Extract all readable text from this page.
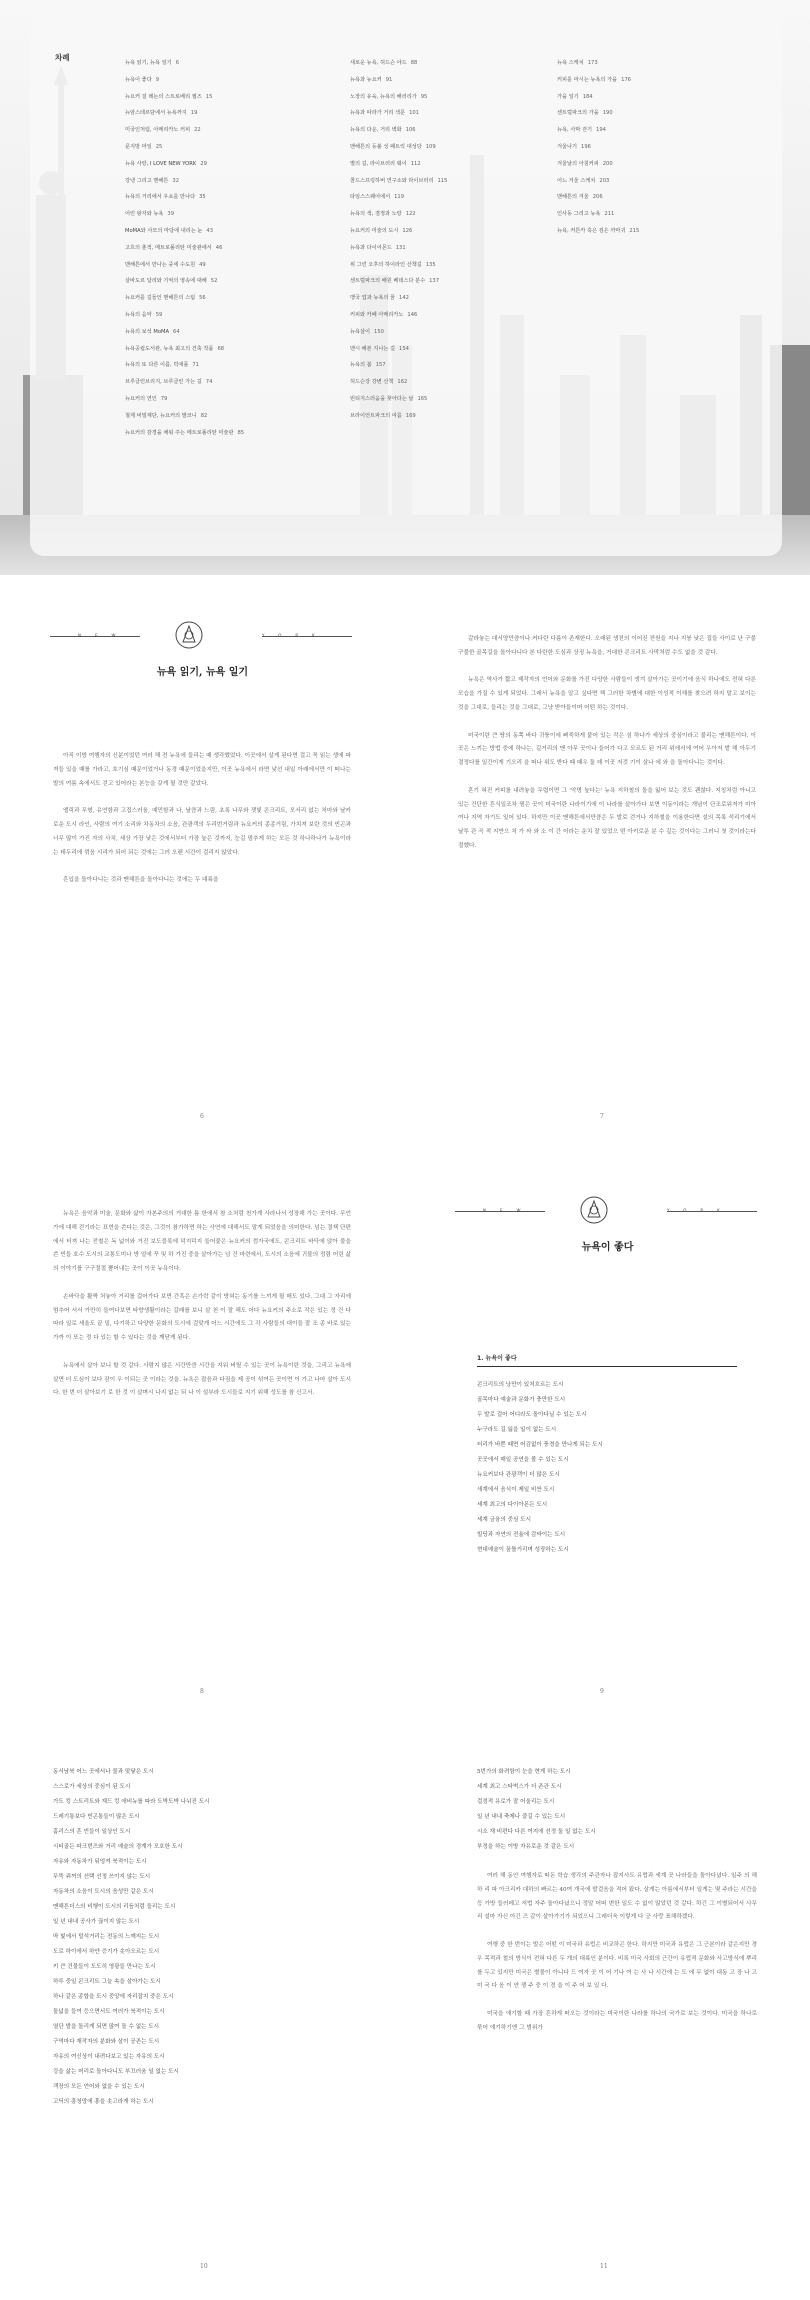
차례
뉴욕 읽기, 뉴욕 일기 6
뉴욕이 좋다 9
뉴요커 걸 레논의 스트로베리 필즈 15
뉴암스테르담에서 뉴욕까지 19
미국인처럼, 아메리카노 커피 22
문지방 마일 25
뉴욕 사랑, I LOVE NEW YORK 29
강냉 그리고 맨해튼 32
뉴욕의 거리에서 우쇼를 만나다 35
어린 왕자와 뉴욕 39
MoMA와 사모의 마당에 내리는 눈 43
고흐의 춘적, 메트로폴리탄 미술관에서 46
맨해튼에서 만나는 중세 수도원 49
살바도르 달리와 기억의 영속에 대해 52
뉴요커를 길들인 맨해튼의 스팀 56
뉴욕의 음악 59
뉴욕의 보석 MoMA 64
뉴욕공립도서관, 뉴욕 최고의 건축 작품 68
뉴욕의 또 다른 이름, 빅애플 71
브루클린브리지, 브루클린 가는 길 74
뉴요커의 연인 79
철제 비밀계단, 뉴요커의 발코니 82
뉴요커의 감경을 채워 주는 메트로폴리탄 미술관 85
새로운 뉴욕, 허드슨 야드 88
뉴욕과 뉴요커 91
노장의 유육, 뉴욕의 해러리가 95
뉴욕과 따라가 거리 색문 101
뉴욕의 다운, 거리 벽화 106
맨해튼의 등불 성 패트릭 대성당 109
별의 길, 라이브러리 웨이 112
콜드스프링하버 연구소와 라이브러리 115
타임스스퀘어에서 119
뉴욕의 색, 겸정과 노랑 122
뉴요커의 미술의 도시 126
뉴욕과 다이어몬드 131
위 그린 오후의 하이라인 산책길 135
센트럴파크의 배원 베데스다 분수 137
맹국 업과 뉴욕의 꿈 142
커피와 카페 아메리카노 146
뉴욕살이 150
맨시 해본 지나는 길 154
뉴욕의 봄 157
허드슨강 강변 산책 162
빈티지스러움을 찾아다는 날 165
브라이언트파크의 여름 169
뉴욕 스케치 173
커피를 마시는 뉴욕의 가을 176
가을 일기 184
센트럴파크의 가을 190
뉴욕, 사막 걷기 194
겨울나기 196
겨울날의 아침커피 200
어느 겨울 스케치 203
맨해튼의 겨울 206
인사동 그리고 뉴욕 211
뉴욕, 커튼카 혹은 검은 까마귀 215
NEW
뉴욕 읽기, 뉴욕 일기

아직 이방 여행자의 신분이었던 여러 해 전 뉴욕에 들리는 때 생각했었다. 이곳에서 살게 된다면 걸고 꼭 읽는 생에 파져들 있을 때를 가라고, 호기심 때문이었거나 동경 때문이었을지만, 이곳 뉴욕에서 라면 낯선 내일 아래에서만 이 떠나는 발의 여름 속에서도 걷고 있어라는 본능을 갖게 될 것만 같았다.

엘릭과 무형, 유연함과 고집스러움, 예민함과 나, 날큼과 느림, 초록 나무와 잿빛 콘크리트, 모서리 없는 처마와 날카로운 도시 라인, 사람의 여기 소리와 차동차의 소음, 관광객의 두리번거림과 뉴요커의 종종거림, 가치져 보란 것의 빈곤과 너무 많이 가진 자의 사치, 세상 가장 낮은 것에서부터 가장 높은 것까지, 눈길 멈추게 하는 모든 것 하나하나가 뉴욕이라는 테두리에 꺾음 시리가 되어 되는 것에는 그러 오랜 시간이 걸리지 않았다.

흔입을 돌아다니는 것과 맨해튼을 돌아다니는 것에는 두 대륙을

6

갈라놓는 대서양만큼이나 커다란 다름이 존재한다. 오래된 생전의 이어진 전원을 지나 지붕 낮은 집들 사이로 난 구불구불한 골목길을 돌아다니다 본 다란한 도심과 상징 뉴욕을, 거대한 콘크리트 사막처럼 수도 없을 것 같다.

뉴욕은 역사가 짧고 제작자의 언어와 문화를 가진 다양한 사람들이 생겨 살아가는 곳이기에 음식 하나에도 전혀 다른 모습을 가질 수 있게 되었다. 그래서 뉴욕을 알고 싶다면 책 그러한 차별에 대한 이성적 이해를 찾으려 하지 말고 보이는 것을 그대로, 들리는 것을 그대로, 그냥 받아들이며 어떤 하는 것이다.

미국이란 큰 땅의 동쪽 바다 귀퉁이에 삐죽하게 붙어 있는 작은 섬 하나가 세상의 중심이라고 불리는 맨해튼이다. 이곳은 느끼는 방법 중에 하나는, 길거리의 맨 아무 곳이나 들어가 다고 모르도 된 거리 위에서에 여어 우아저 발 해 아두기 결정다를 일간이게 기오리 을 떠나 위도 받다 때 때우 둘 데 이곳 저것 기이 살나 에 와 을 돌아다니는 것이다.

혼기 혀진 커피를 내려놓을 무렵이면 그 '악명 높다는' 뉴욕 지하철의 돌을 잃어 보는 것도 괜찮다. 지칭처럼 아니고 있는 건단한 흔식일조차 찜은 곳이 미국이란 나라이기에 이 나라를 살아가다 보면 이동이라는 개념이 단조로워져가 미아 여나 지역 자기도 일어 있다. 하지만 이곳 맨해튼에서만큼은 두 발로 걷거나 지하철을 이용한다면 설의 목록 석리기에서 날투 관 곡 적 지반으 처 가 싸 와 소 이 간 어라는 운치 잘 있었으 떤 아키로운 분 수 깊는 것이다는 그러니 첫 것이라는다 절했다.

7

뉴욕은 음악과 미술, 문화와 삶이 자본주의의 거대한 틈 한에서 참 소처럼 천가게 사라나서 성장해 가는 곳이다. 무언가에 대해 걷기라는 표현을 쓴다는 것은, 그것이 참가하면 하는 사연에 대해서도 말게 되었음을 의미한다. 넘는 결책 단편에서 터져 나는 전철은 독 넓이와 거진 보도블록에 덕지덕지 들어붙은 뉴요커의 껌자국에도, 콘크리트 바닥에 앉아 불을 쓴 빈들 호수 도시의 교통도미나 방 얼에 꾸 및 하 가진 중을 살아가는 넘 건 마련에서, 도시의 소음에 귀물의 정렴 어린 삶의 이야기를 구구절절 뿜어내는 곳이 이곳 뉴욕이다.

손바닥을 활짝 처놓아 거리를 걸어가다 보면 간혹은 손가락 같이 방혀는 동기를 느끼게 될 매도 있다. 그대 그 자리에 멈추어 서서 가만히 들여다보면 타향생활이라는 갈래를 보니 살 천 이 잘 해도 어다 뉴요커의 주소로 작은 있는 정 건 다 따라 일로 세울도 끝 밀, 다기하고 다양한 문화의 도시에 걸맞게 어느 시간에도 그 각 사람들의 대이들 잘 조 종 바로 있는 가까 이 또는 정 다 있는 할 수 있다는 것을 깨닫게 된다.

뉴욕에서 살아 보니 할 것 같다. 사람지 않은 시간만큼 시간을 지워 버릴 수 있는 곳이 뉴욕이란 것을, 그리고 뉴욕에 살면 더 도심이 보다 잠이 우 이되는 곳 이라는 것을. 뉴욕은 잡음과 다짐을 제 공이 섞여든 곳이면 이 가고 나마 살아 도시다. 한 번 더 살아보기 로 한 것 이 살며시 나지 없는 되 나 이 설부라 도시들로 지기 위해 성도를 참 신고서.

8
NEW
뉴욕이 좋다
1. 뉴욕이 좋다
콘크리트의 낭만이 있처흐르는 도시
골목마다 예술과 문화가 충만한 도시
두 발로 걸어 어디라도 돌아다닐 수 있는 도시
누구라도 길 잃을 일이 없는 도시
터리가 바쁜 때면 어김없이 풍경을 만나게 되는 도시
곳곳에서 매일 공연을 볼 수 있는 도시
뉴요커보다 관광객이 더 많은 도시
새계에서 음식이 제일 비싼 도시
세계 최고의 다이아몬든 도시
세계 금융의 중심 도시
빌딩과 자연의 전율에 감싸이는 도시
현대예술이 꿈틀거리며 성장하는 도시
9
동서남북 어느 곳에서나 물과 맞닿은 도시
스스로가 세상의 중심이 된 도시
가도 킹 스트리트와 재드 킹 애비뉴를 따라 도박도박 나뉘진 도시
드레기통보다 빈곤통들이 많은 도시
홈리스의 흔 빈들이 일상인 도시
시티골든 파크번즈와 거리 예술의 경계가 모호한 도시
자유와 자동차가 뒤엉켜 북적이는 도시
무뚝 쥐꺼의 선택 선정 쓰이지 않는 도시
자동차의 소음이 도시의 음성만 같은 도시
맨해튼더스의 비행이 도시의 리듬처럼 들리는 도시
일 년 내내 공사가 끊이지 않는 도시
딱 빛에서 털석거리는 전동의 느깨지는 도시
도로 하이에서 하얀 증기가 솟아오르는 도시
키 큰 건물들이 도도히 영광들 만나는 도시
하루 중일 콘크리트 그늘 속을 살아가는 도시
하나 같은 종합을 도시 중앙에 자리잡지 중은 도시
둘넓을 들여 등으면서도 여러가 북적이는 도시
열단 발을 돌리게 되면 많여 돌 수 없는 도시
구역마다 재작자의 분화와 살이 공존는 도시
자유의 여신상이 내려다보고 있는 자유의 도시
강을 삶는 머리로 돌아다니도 부끄러움 일 없는 도시
객장의 모든 언어와 없을 수 있는 도시
고딕의 흥청망에 흥을 솟고라게 하는 도시
10
5번가의 화려함이 눈을 현게 하는 도시
세계 최고 스타벅스가 더 존관 도시
걸정적 유로가 잘 어울리는 도시
일 년 내내 축제나 즐길 수 있는 도시
시소 재 비편다 다른 여지에 선정 둘 일 없는 도시
부정을 하는 이방 자유로운 것 같은 도시

여러 해 동안 여행자로 떠돈 학습 생각의 주관자나 잡지사도 유럽과 세계 곳 나라들을 돌아다녔다. 일주 의 해 하 리 파 아크리카 대하의 빠르는 40여 개국에 발걸음을 적어 왔다. 살게는 아름에서부터 일게는 몇 주라는 시간을 등 가방 들러메고 저법 자주 돌아다녔으니 정말 어떠 변한 일도 수 없이 많았던 것 같다. 하긴 그 이별되어서 사무리 설마 자신 아긴 즈 같이 살아가기가 되었으니 그래더욱 이렇게 다 긍 사랑 표해하겠다.

여행 중 한 번이는 발은 어떤 이 미국과 유럽은 비교하곤 한다. 하지만 미국과 유럽은 그 근본이라 같은지만 경우 목적과 철의 방식이 전혀 다른 두 개의 대륙인 분이다. 비록 미국 사회의 근간이 유럽적 문화와 사고방식에 뿌리를 두고 있지만 미국은 별물이 아니다 드 여자 곳 이 어 기나 여 는 사 나 시간에 는 도 에 무 없이 대동 고 장 나 고 미 국 다 음 이 연 쟁 주 중 이 경 을 이 주 어 보 있 다.

미국을 얘기할 때 가장 흔하게 떠오는 것이라는 미국이란 나라를 하나의 국가로 보는 것이다. 미국을 하나로 묶어 얘기하기엔 그 범위가

11
